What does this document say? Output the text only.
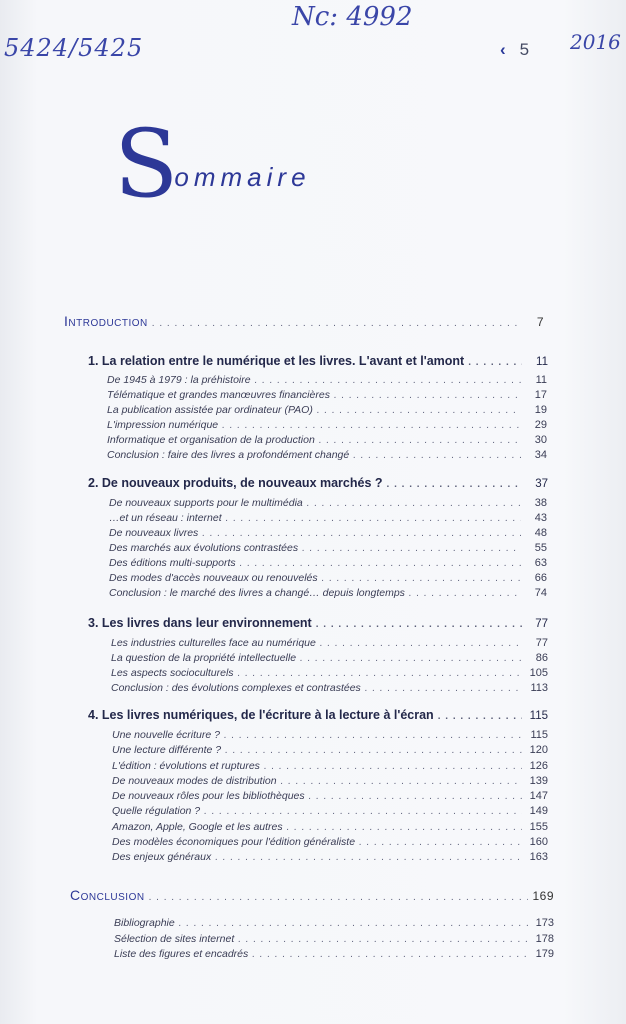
5424/5425
Nc: 4992
2016
‹ 5
Sommaire
Introduction . . .	7
1. La relation entre le numérique et les livres. L'avant et l'amont . . .	11
De 1945 à 1979 : la préhistoire . . .	11
Télématique et grandes manœuvres financières . . .	17
La publication assistée par ordinateur (PAO) . . .	19
L'impression numérique . . .	29
Informatique et organisation de la production . . .	30
Conclusion : faire des livres a profondément changé . . .	34
2. De nouveaux produits, de nouveaux marchés ? . . .	37
De nouveaux supports pour le multimédia . . .	38
…et un réseau : internet . . .	43
De nouveaux livres . . .	48
Des marchés aux évolutions contrastées . . .	55
Des éditions multi-supports . . .	63
Des modes d'accès nouveaux ou renouvelés . . .	66
Conclusion : le marché des livres a changé… depuis longtemps . . .	74
3. Les livres dans leur environnement . . .	77
Les industries culturelles face au numérique . . .	77
La question de la propriété intellectuelle . . .	86
Les aspects socioculturels . . .	105
Conclusion : des évolutions complexes et contrastées . . .	113
4. Les livres numériques, de l'écriture à la lecture à l'écran . . .	115
Une nouvelle écriture ? . . .	115
Une lecture différente ? . . .	120
L'édition : évolutions et ruptures . . .	126
De nouveaux modes de distribution . . .	139
De nouveaux rôles pour les bibliothèques . . .	147
Quelle régulation ? . . .	149
Amazon, Apple, Google et les autres . . .	155
Des modèles économiques pour l'édition généraliste . . .	160
Des enjeux généraux . . .	163
Conclusion . . .	169
Bibliographie . . .	173
Sélection de sites internet . . .	178
Liste des figures et encadrés . . .	179
